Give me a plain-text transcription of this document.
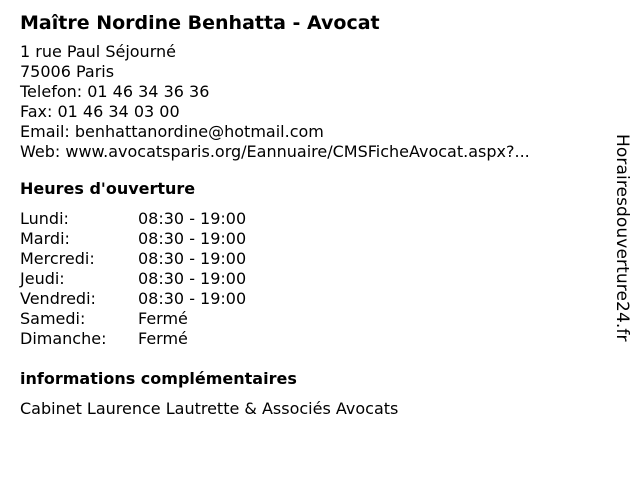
Maître Nordine Benhatta - Avocat
1 rue Paul Séjourné
75006 Paris
Telefon: 01 46 34 36 36
Fax: 01 46 34 03 00
Email: benhattanordine@hotmail.com
Web: www.avocatsparis.org/Eannuaire/CMSFicheAvocat.aspx?...
Heures d'ouverture
Lundi:	08:30 - 19:00
Mardi:	08:30 - 19:00
Mercredi:	08:30 - 19:00
Jeudi:	08:30 - 19:00
Vendredi:	08:30 - 19:00
Samedi:	Fermé
Dimanche:	Fermé
informations complémentaires
Cabinet Laurence Lautrette & Associés Avocats
Horairesdouverture24.fr
